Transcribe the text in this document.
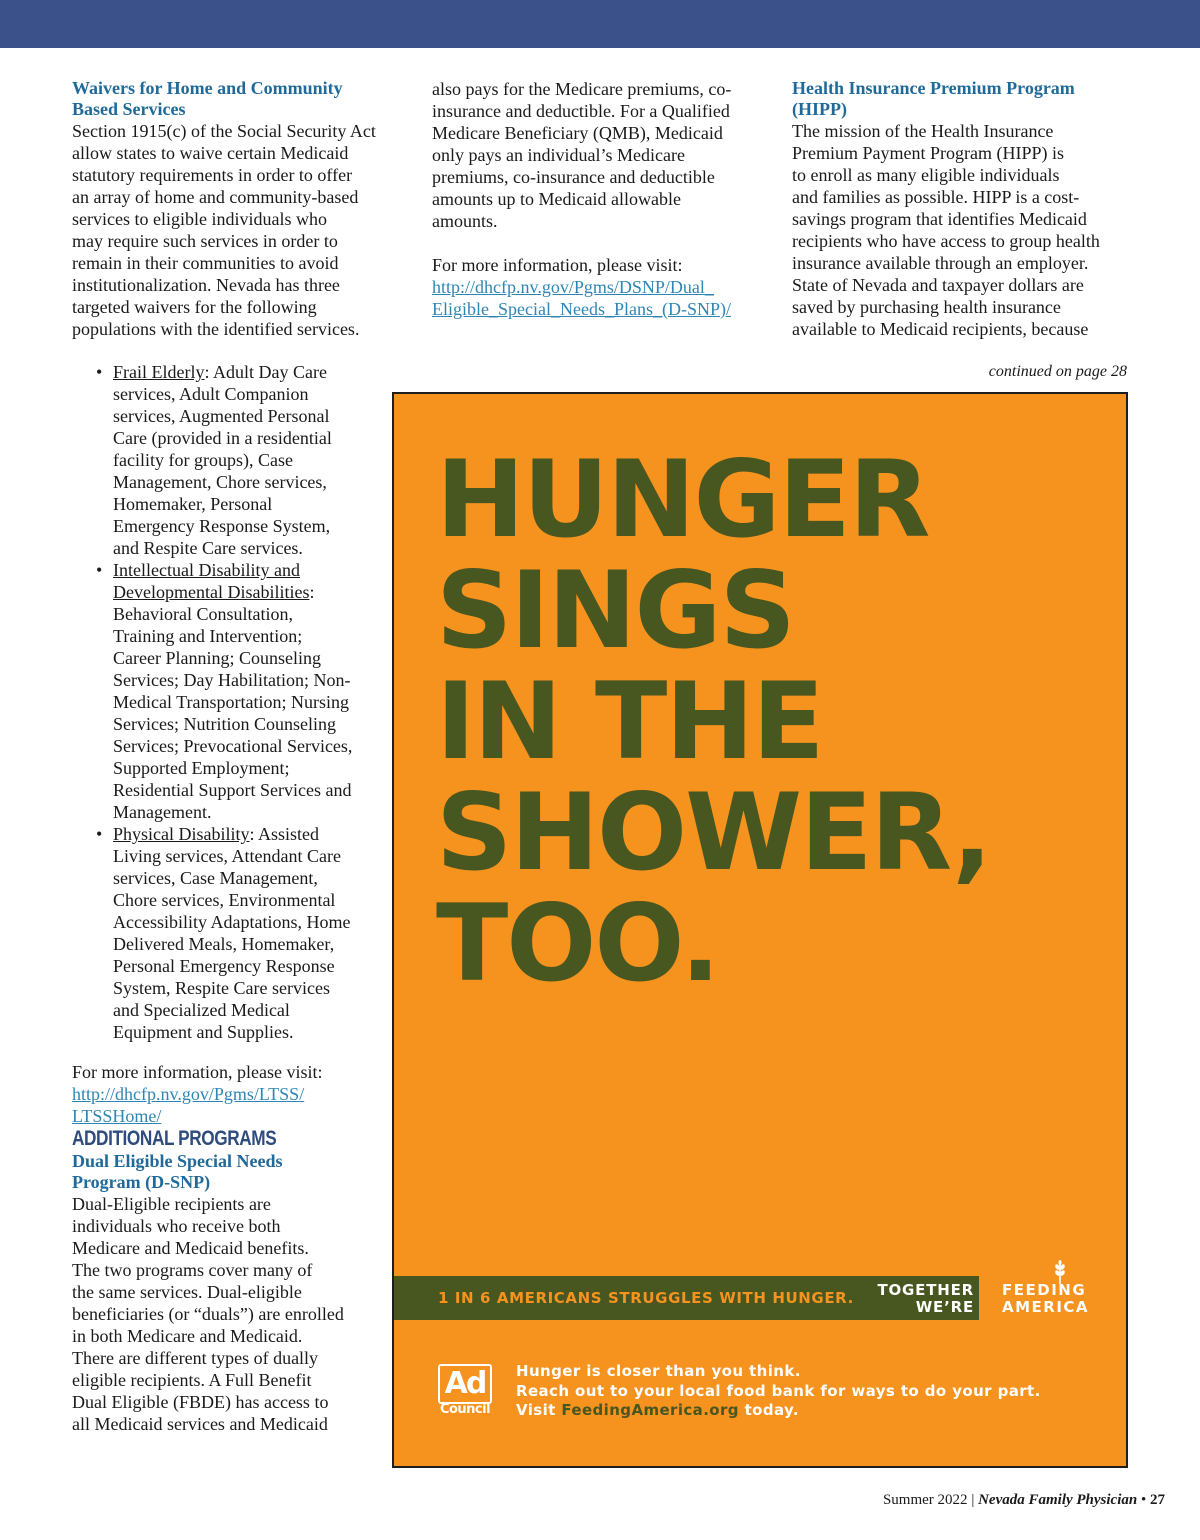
Waivers for Home and Community
Based Services

Section 1915(c) of the Social Security Act
allow states to waive certain Medicaid
statutory requirements in order to offer
an array of home and community-based
services to eligible individuals who
may require such services in order to
remain in their communities to avoid
institutionalization. Nevada has three
targeted waivers for the following
populations with the identified services.

• Frail Elderly: Adult Day Care
services, Adult Companion
services, Augmented Personal
Care (provided in a residential
facility for groups), Case
Management, Chore services,
Homemaker, Personal
Emergency Response System,
and Respite Care services.
• Intellectual Disability and
Developmental Disabilities:
Behavioral Consultation,
Training and Intervention;
Career Planning; Counseling
Services; Day Habilitation; Non-
Medical Transportation; Nursing
Services; Nutrition Counseling
Services; Prevocational Services,
Supported Employment;
Residential Support Services and
Management.
• Physical Disability: Assisted
Living services, Attendant Care
services, Case Management,
Chore services, Environmental
Accessibility Adaptations, Home
Delivered Meals, Homemaker,
Personal Emergency Response
System, Respite Care services
and Specialized Medical
Equipment and Supplies.

For more information, please visit:

http://dhcfp.nv.gov/Pgms/LTSS/
LTSSHome/

ADDITIONAL PROGRAMS

Dual Eligible Special Needs
Program (D-SNP)

Dual-Eligible recipients are
individuals who receive both
Medicare and Medicaid benefits.
The two programs cover many of
the same services. Dual-eligible
beneficiaries (or “duals”) are enrolled
in both Medicare and Medicaid.
There are different types of dually
eligible recipients. A Full Benefit
Dual Eligible (FBDE) has access to
all Medicaid services and Medicaid

also pays for the Medicare premiums, co-
insurance and deductible. For a Qualified
Medicare Beneficiary (QMB), Medicaid
only pays an individual’s Medicare
premiums, co-insurance and deductible
amounts up to Medicaid allowable
amounts.

For more information, please visit:

http://dhcfp.nv.gov/Pgms/DSNP/Dual_
Eligible_Special_Needs_Plans_(D-SNP)/

Health Insurance Premium Program
(HIPP)

The mission of the Health Insurance
Premium Payment Program (HIPP) is
to enroll as many eligible individuals
and families as possible. HIPP is a cost-
savings program that identifies Medicaid
recipients who have access to group health
insurance available through an employer.
State of Nevada and taxpayer dollars are
saved by purchasing health insurance
available to Medicaid recipients, because

continued on page 28
HUNGER
SINGS
IN THE
SHOWER,
TOO.
1 IN 6 AMERICANS STRUGGLES WITH HUNGER.	TOGETHER
WE’RE
FEEDING
AMERICA
Ad
Council
Hunger is closer than you think.
Reach out to your local food bank for ways to do your part.
Visit FeedingAmerica.org today.
Summer 2022 | Nevada Family Physician • 27
